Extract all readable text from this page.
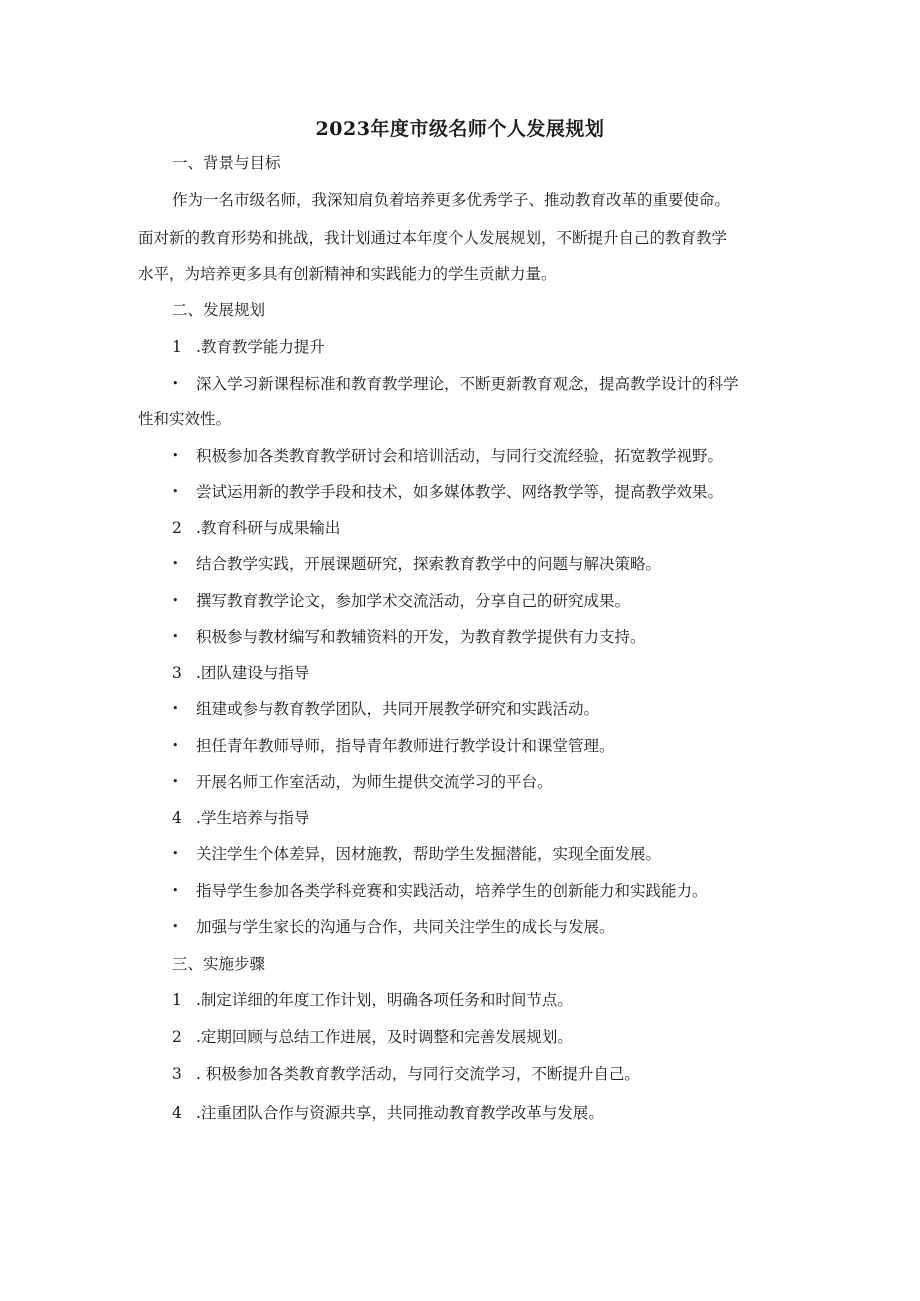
2023年度市级名师个人发展规划
一、背景与目标
作为一名市级名师，我深知肩负着培养更多优秀学子、推动教育改革的重要使命。
面对新的教育形势和挑战，我计划通过本年度个人发展规划，不断提升自己的教育教学
水平，为培养更多具有创新精神和实践能力的学生贡献力量。
二、发展规划
1 .教育教学能力提升
• 深入学习新课程标准和教育教学理论，不断更新教育观念，提高教学设计的科学
性和实效性。
• 积极参加各类教育教学研讨会和培训活动，与同行交流经验，拓宽教学视野。
• 尝试运用新的教学手段和技术，如多媒体教学、网络教学等，提高教学效果。
2 .教育科研与成果输出
• 结合教学实践，开展课题研究，探索教育教学中的问题与解决策略。
• 撰写教育教学论文，参加学术交流活动，分享自己的研究成果。
• 积极参与教材编写和教辅资料的开发，为教育教学提供有力支持。
3 .团队建设与指导
• 组建或参与教育教学团队，共同开展教学研究和实践活动。
• 担任青年教师导师，指导青年教师进行教学设计和课堂管理。
• 开展名师工作室活动，为师生提供交流学习的平台。
4 .学生培养与指导
• 关注学生个体差异，因材施教，帮助学生发掘潜能，实现全面发展。
• 指导学生参加各类学科竞赛和实践活动，培养学生的创新能力和实践能力。
• 加强与学生家长的沟通与合作，共同关注学生的成长与发展。
三、实施步骤
1 .制定详细的年度工作计划，明确各项任务和时间节点。
2 .定期回顾与总结工作进展，及时调整和完善发展规划。
3 . 积极参加各类教育教学活动，与同行交流学习，不断提升自己。
4 .注重团队合作与资源共享，共同推动教育教学改革与发展。
